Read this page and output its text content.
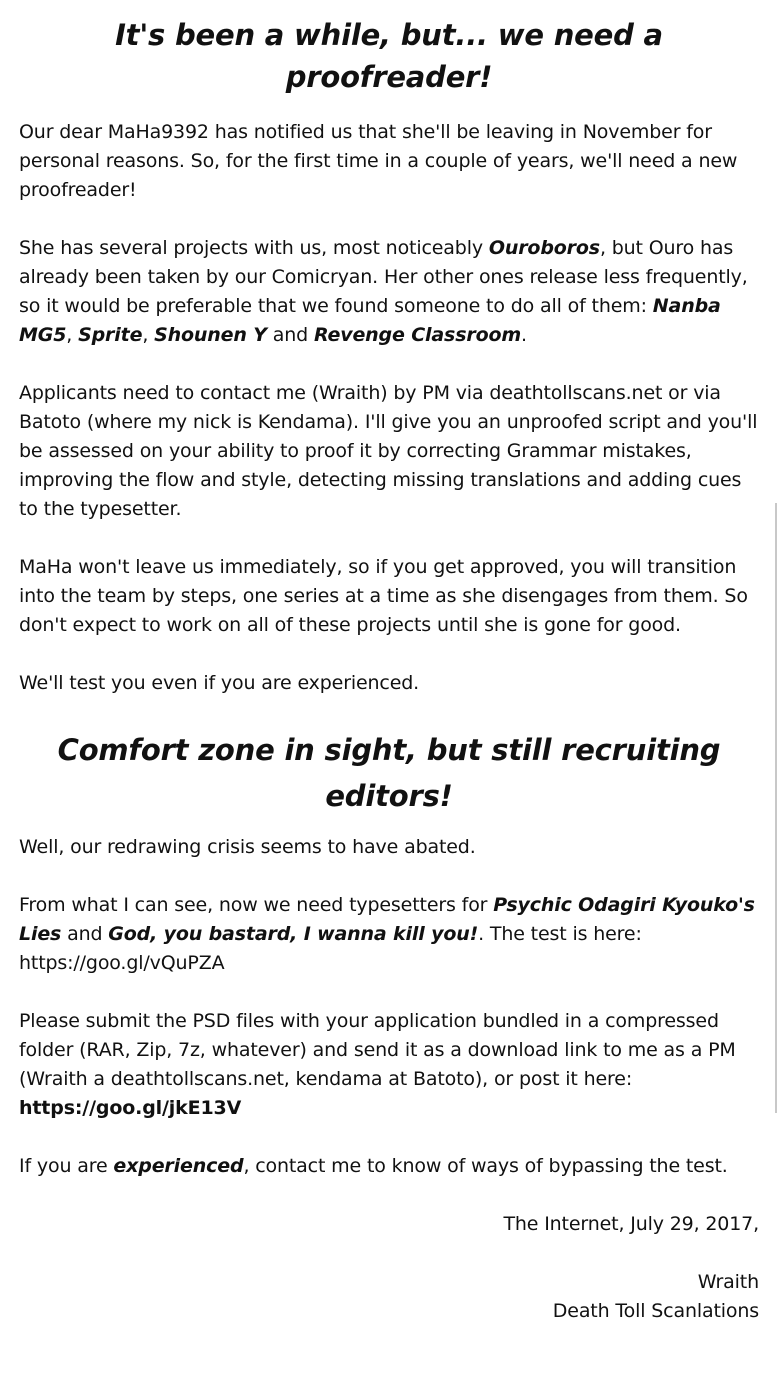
It's been a while, but... we need a proofreader!

Our dear MaHa9392 has notified us that she'll be leaving in November for personal reasons. So, for the first time in a couple of years, we'll need a new proofreader!

She has several projects with us, most noticeably Ouroboros, but Ouro has already been taken by our Comicryan. Her other ones release less frequently, so it would be preferable that we found someone to do all of them: Nanba MG5, Sprite, Shounen Y and Revenge Classroom.

Applicants need to contact me (Wraith) by PM via deathtollscans.net or via Batoto (where my nick is Kendama). I'll give you an unproofed script and you'll be assessed on your ability to proof it by correcting Grammar mistakes, improving the flow and style, detecting missing translations and adding cues to the typesetter.

MaHa won't leave us immediately, so if you get approved, you will transition into the team by steps, one series at a time as she disengages from them. So don't expect to work on all of these projects until she is gone for good.

We'll test you even if you are experienced.

Comfort zone in sight, but still recruiting
editors!

Well, our redrawing crisis seems to have abated.

From what I can see, now we need typesetters for Psychic Odagiri Kyouko's Lies and God, you bastard, I wanna kill you!. The test is here: https://goo.gl/vQuPZA

Please submit the PSD files with your application bundled in a compressed folder (RAR, Zip, 7z, whatever) and send it as a download link to me as a PM (Wraith a deathtollscans.net, kendama at Batoto), or post it here: https://goo.gl/jkE13V

If you are experienced, contact me to know of ways of bypassing the test.

The Internet, July 29, 2017,

Wraith
Death Toll Scanlations
